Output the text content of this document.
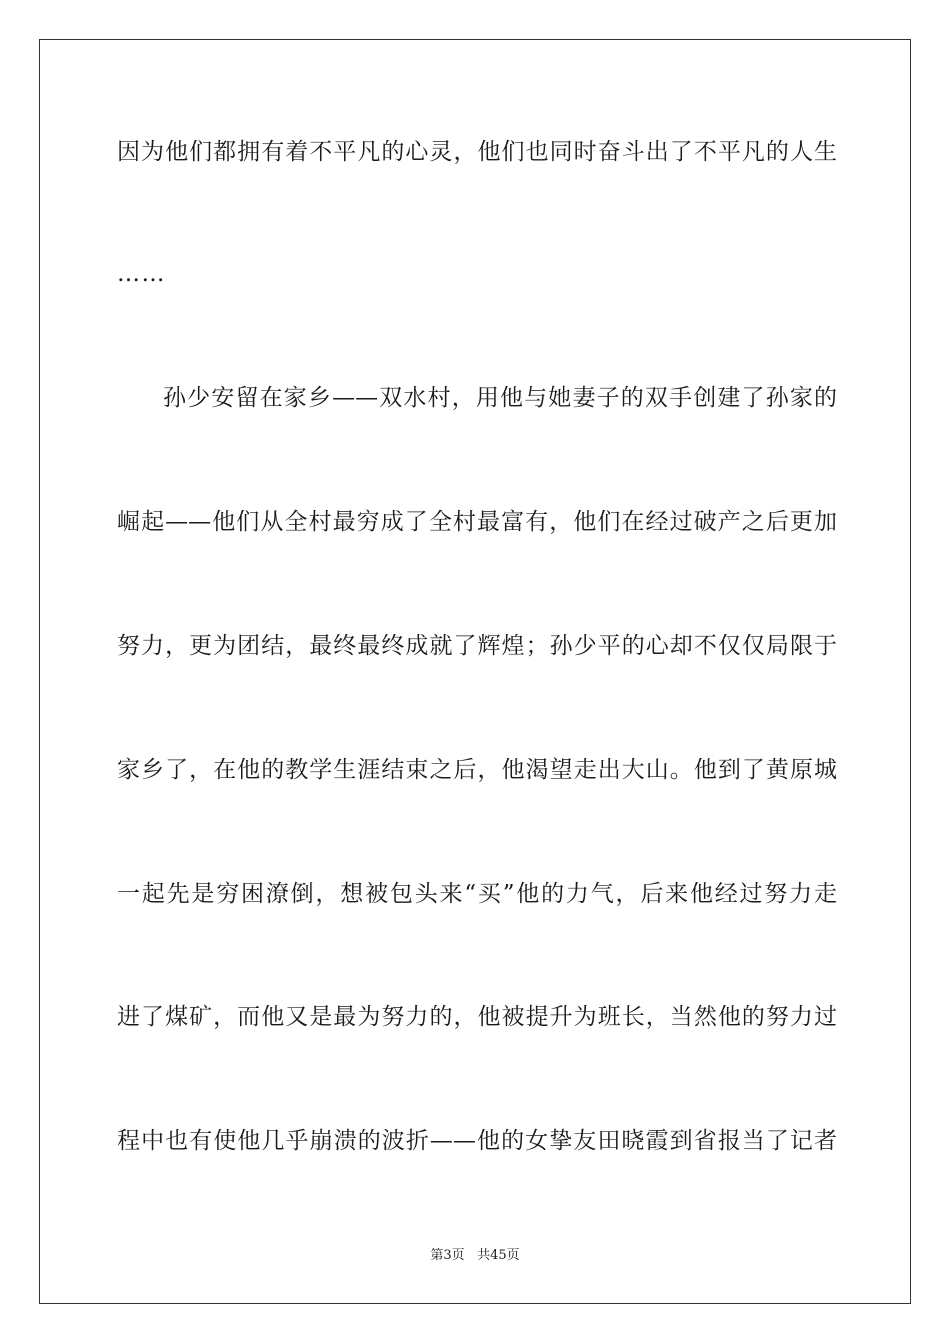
因为他们都拥有着不平凡的心灵，他们也同时奋斗出了不平凡的人生
……
孙少安留在家乡——双水村，用他与她妻子的双手创建了孙家的
崛起——他们从全村最穷成了全村最富有，他们在经过破产之后更加
努力，更为团结，最终最终成就了辉煌；孙少平的心却不仅仅局限于
家乡了，在他的教学生涯结束之后，他渴望走出大山。他到了黄原城
一起先是穷困潦倒，想被包头来“买”他的力气，后来他经过努力走
进了煤矿，而他又是最为努力的，他被提升为班长，当然他的努力过
程中也有使他几乎崩溃的波折——他的女挚友田晓霞到省报当了记者
第3页 共45页
